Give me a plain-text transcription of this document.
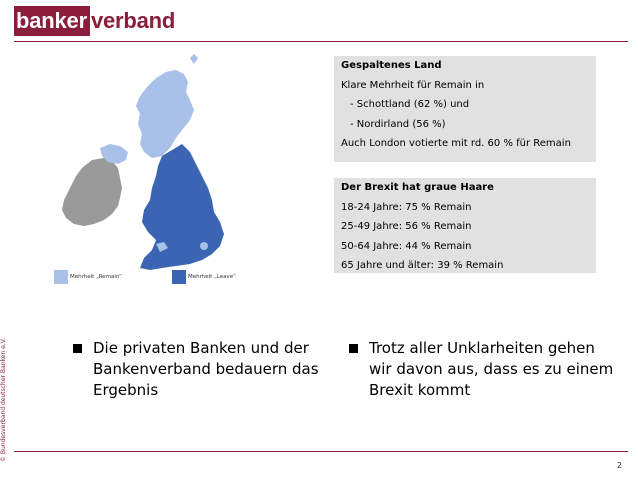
banker verband
© Bundesverband deutscher Banken e.V.
Mehrheit „Remain“	Mehrheit „Leave“
Gespaltenes Land
Klare Mehrheit für Remain in
- Schottland (62 %) und
- Nordirland (56 %)
Auch London votierte mit rd. 60 % für Remain
Der Brexit hat graue Haare
18-24 Jahre: 75 % Remain
25-49 Jahre: 56 % Remain
50-64 Jahre: 44 % Remain
65 Jahre und älter: 39 % Remain
Die privaten Banken und der Bankenverband bedauern das Ergebnis
Trotz aller Unklarheiten gehen wir davon aus, dass es zu einem Brexit kommt
2
